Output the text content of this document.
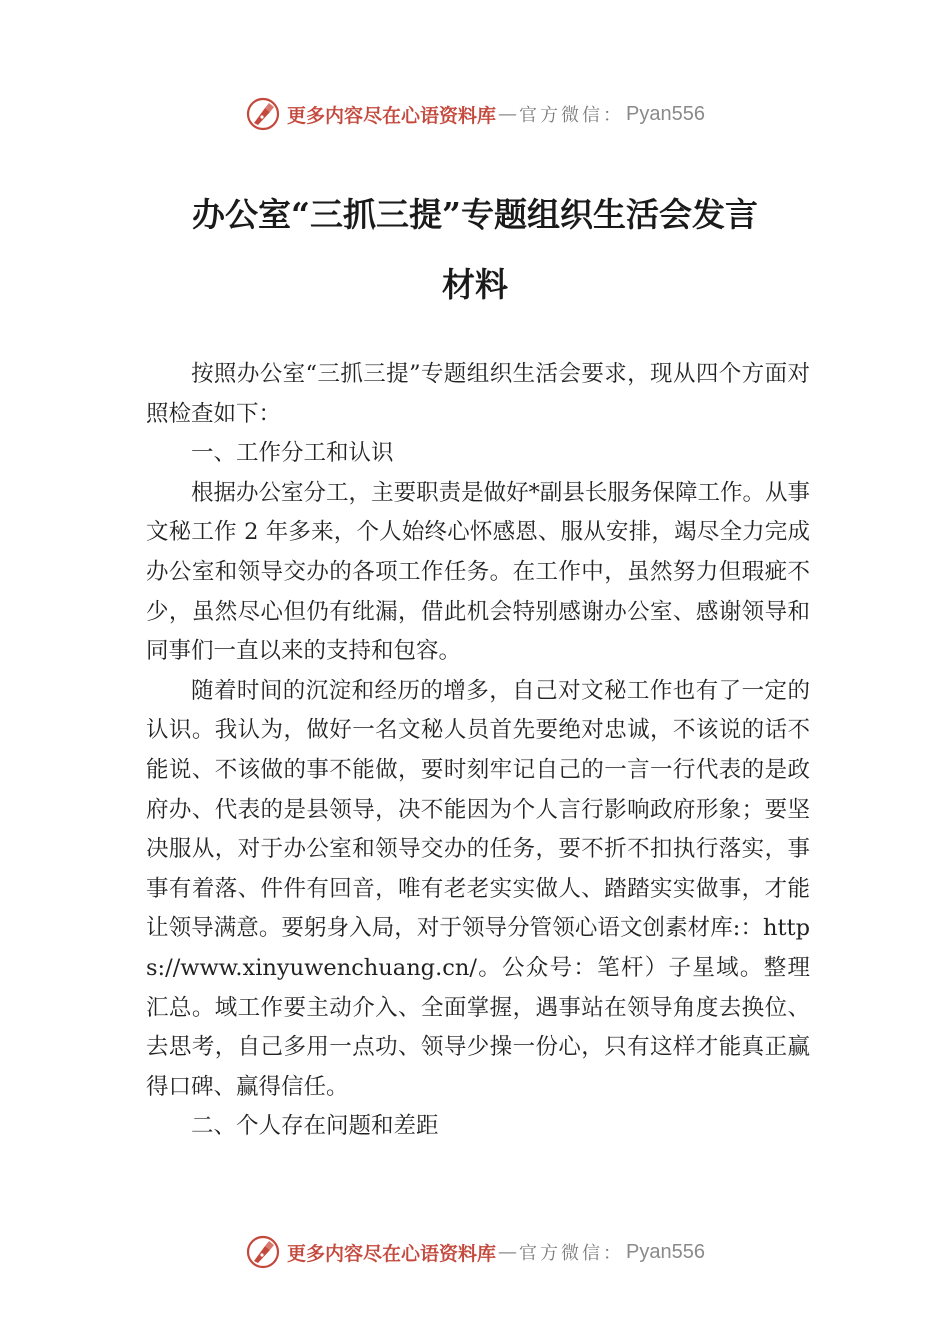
更多内容尽在心语资料库 — 官方微信： Pyan556
办公室“三抓三提”专题组织生活会发言
材料

按照办公室“三抓三提”专题组织生活会要求，现从四个方面对照检查如下：

一、工作分工和认识

根据办公室分工，主要职责是做好*副县长服务保障工作。从事文秘工作 2 年多来，个人始终心怀感恩、服从安排，竭尽全力完成办公室和领导交办的各项工作任务。在工作中，虽然努力但瑕疵不少，虽然尽心但仍有纰漏，借此机会特别感谢办公室、感谢领导和同事们一直以来的支持和包容。

随着时间的沉淀和经历的增多，自己对文秘工作也有了一定的认识。我认为，做好一名文秘人员首先要绝对忠诚，不该说的话不能说、不该做的事不能做，要时刻牢记自己的一言一行代表的是政府办、代表的是县领导，决不能因为个人言行影响政府形象；要坚决服从，对于办公室和领导交办的任务，要不折不扣执行落实，事事有着落、件件有回音，唯有老老实实做人、踏踏实实做事，才能让领导满意。要躬身入局，对于领导分管领心语文创素材库:：https://www.xinyuwenchuang.cn/。公众号：笔杆）子星域。整理汇总。域工作要主动介入、全面掌握，遇事站在领导角度去换位、去思考，自己多用一点功、领导少操一份心，只有这样才能真正赢得口碑、赢得信任。

二、个人存在问题和差距

更多内容尽在心语资料库 — 官方微信： Pyan556
